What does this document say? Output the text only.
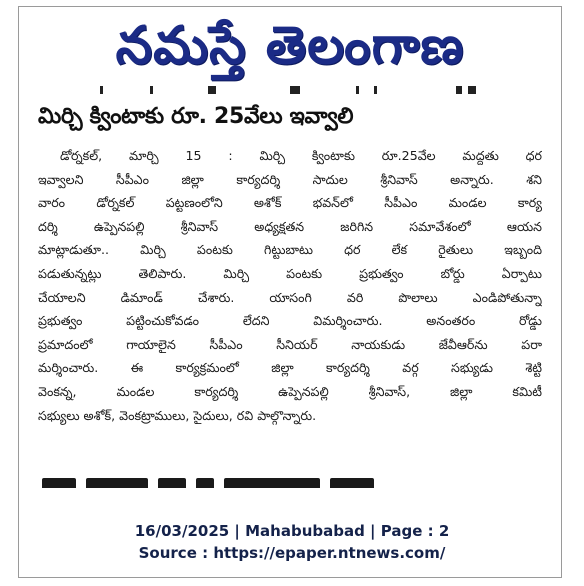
నమస్తే తెలంగాణ
మిర్చి క్వింటాకు రూ. 25వేలు ఇవ్వాలి
డోర్నకల్, మార్చి 15 : మిర్చి క్వింటాకు రూ.25వేల మద్దతు ధర
ఇవ్వాలని సీపీఎం జిల్లా కార్యదర్శి సాదుల శ్రీనివాస్ అన్నారు. శని
వారం డోర్నకల్ పట్టణంలోని అశోక్ భవన్‌లో సీపీఎం మండల కార్య
దర్శి ఉప్పెనపల్లి శ్రీనివాస్ అధ్యక్షతన జరిగిన సమావేశంలో ఆయన
మాట్లాడుతూ.. మిర్చి పంటకు గిట్టుబాటు ధర లేక రైతులు ఇబ్బంది
పడుతున్నట్లు తెలిపారు. మిర్చి పంటకు ప్రభుత్వం బోర్డు ఏర్పాటు
చేయాలని డిమాండ్ చేశారు. యాసంగి వరి పొలాలు ఎండిపోతున్నా
ప్రభుత్వం పట్టించుకోవడం లేదని విమర్శించారు. అనంతరం రోడ్డు
ప్రమాదంలో గాయాలైన సీపీఎం సీనియర్ నాయకుడు జేవీఆర్‌ను పరా
మర్శించారు. ఈ కార్యక్రమంలో జిల్లా కార్యదర్శి వర్గ సభ్యుడు శెట్టి
వెంకన్న, మండల కార్యదర్శి ఉప్పెనపల్లి శ్రీనివాస్, జిల్లా కమిటీ
సభ్యులు అశోక్, వెంకట్రాములు, సైదులు, రవి పాల్గొన్నారు.
16/03/2025 | Mahabubabad | Page : 2
Source : https://epaper.ntnews.com/
